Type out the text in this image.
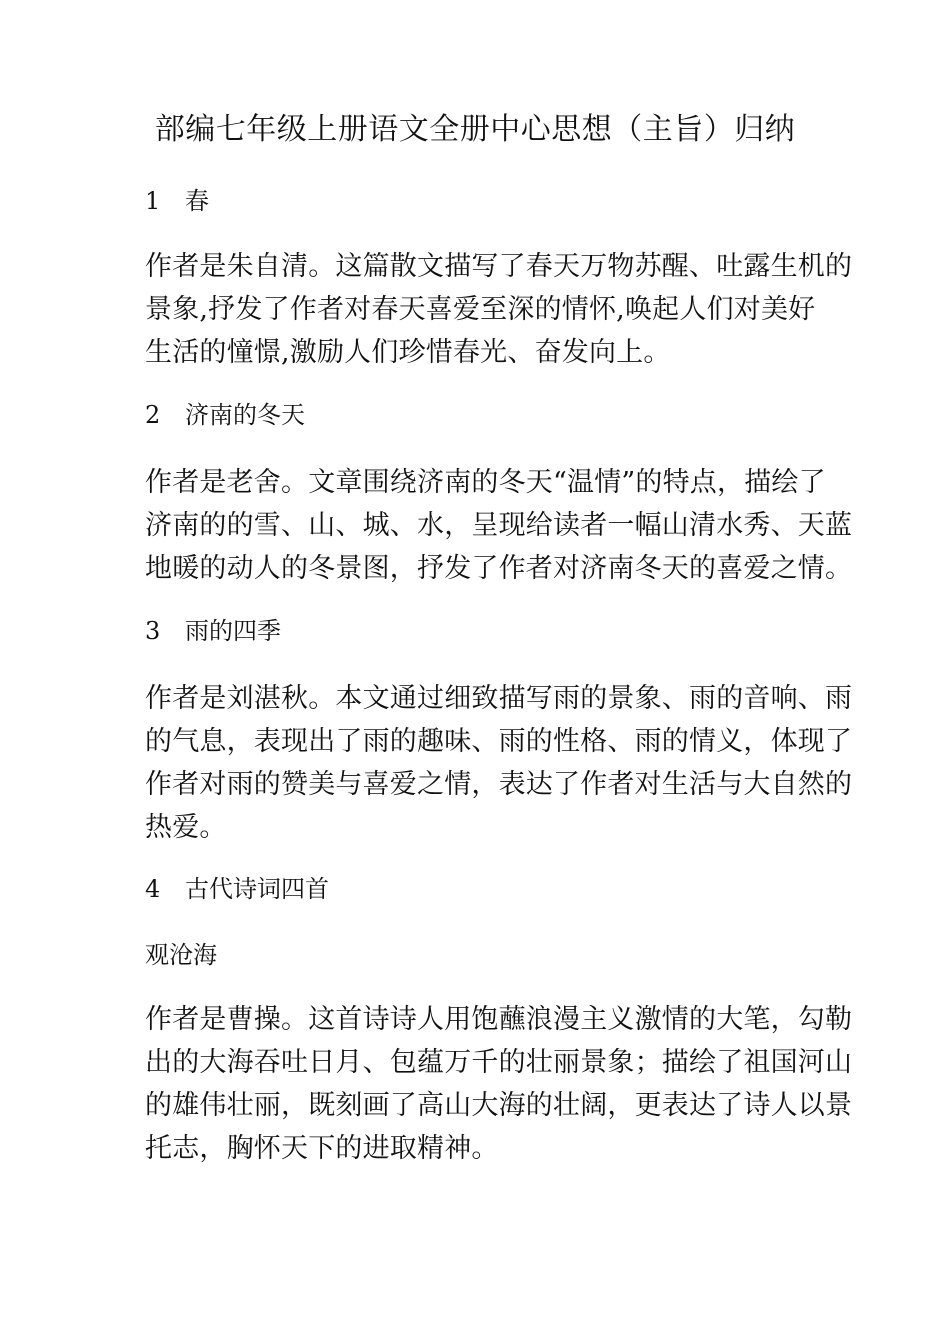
部编七年级上册语文全册中心思想（主旨）归纳
1 春
作者是朱自清。这篇散文描写了春天万物苏醒、吐露生机的
景象,抒发了作者对春天喜爱至深的情怀,唤起人们对美好
生活的憧憬,激励人们珍惜春光、奋发向上。
2 济南的冬天
作者是老舍。文章围绕济南的冬天“温情”的特点，描绘了
济南的的雪、山、城、水，呈现给读者一幅山清水秀、天蓝
地暖的动人的冬景图，抒发了作者对济南冬天的喜爱之情。
3 雨的四季
作者是刘湛秋。本文通过细致描写雨的景象、雨的音响、雨
的气息，表现出了雨的趣味、雨的性格、雨的情义，体现了
作者对雨的赞美与喜爱之情，表达了作者对生活与大自然的
热爱。
4 古代诗词四首
观沧海
作者是曹操。这首诗诗人用饱蘸浪漫主义激情的大笔，勾勒
出的大海吞吐日月、包蕴万千的壮丽景象；描绘了祖国河山
的雄伟壮丽，既刻画了高山大海的壮阔，更表达了诗人以景
托志，胸怀天下的进取精神。
